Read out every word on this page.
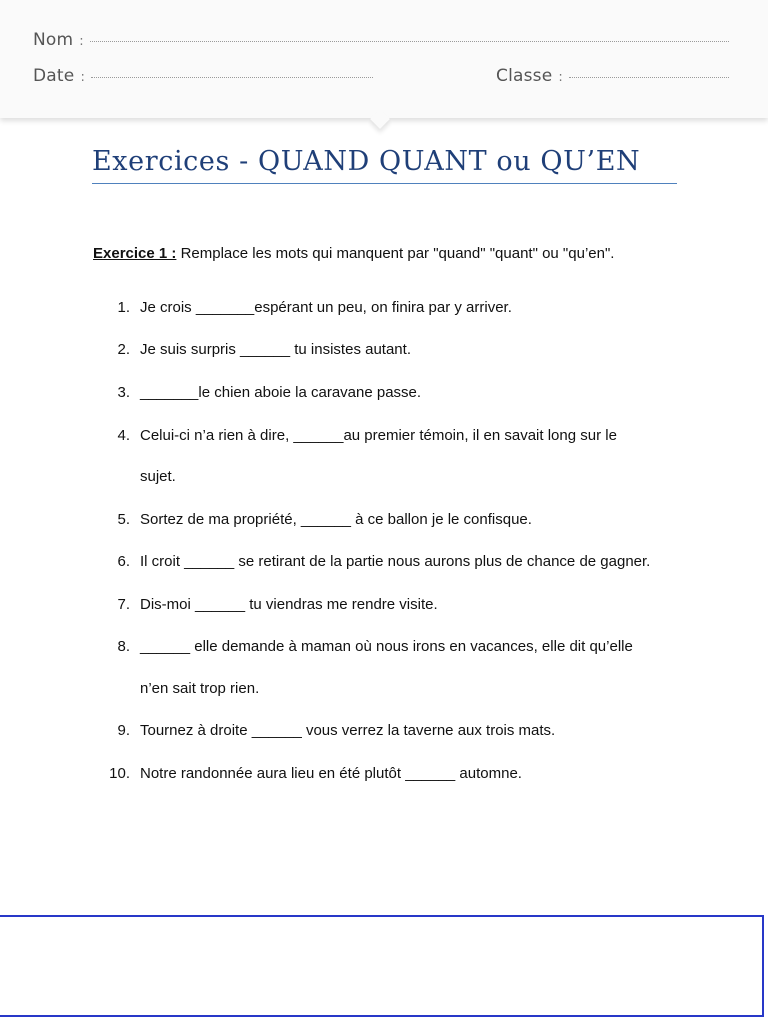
Nom :
Date :	Classe :
Exercices - QUAND QUANT ou QU’EN
Exercice 1 : Remplace les mots qui manquent par "quand" "quant" ou "qu’en".
1. Je crois _______espérant un peu, on finira par y arriver.
2. Je suis surpris ______ tu insistes autant.
3. _______le chien aboie la caravane passe.
4. Celui-ci n’a rien à dire, ______au premier témoin, il en savait long sur le
sujet.
5. Sortez de ma propriété, ______ à ce ballon je le confisque.
6. Il croit ______ se retirant de la partie nous aurons plus de chance de gagner.
7. Dis-moi ______ tu viendras me rendre visite.
8. ______ elle demande à maman où nous irons en vacances, elle dit qu’elle
n’en sait trop rien.
9. Tournez à droite ______ vous verrez la taverne aux trois mats.
10. Notre randonnée aura lieu en été plutôt ______ automne.
